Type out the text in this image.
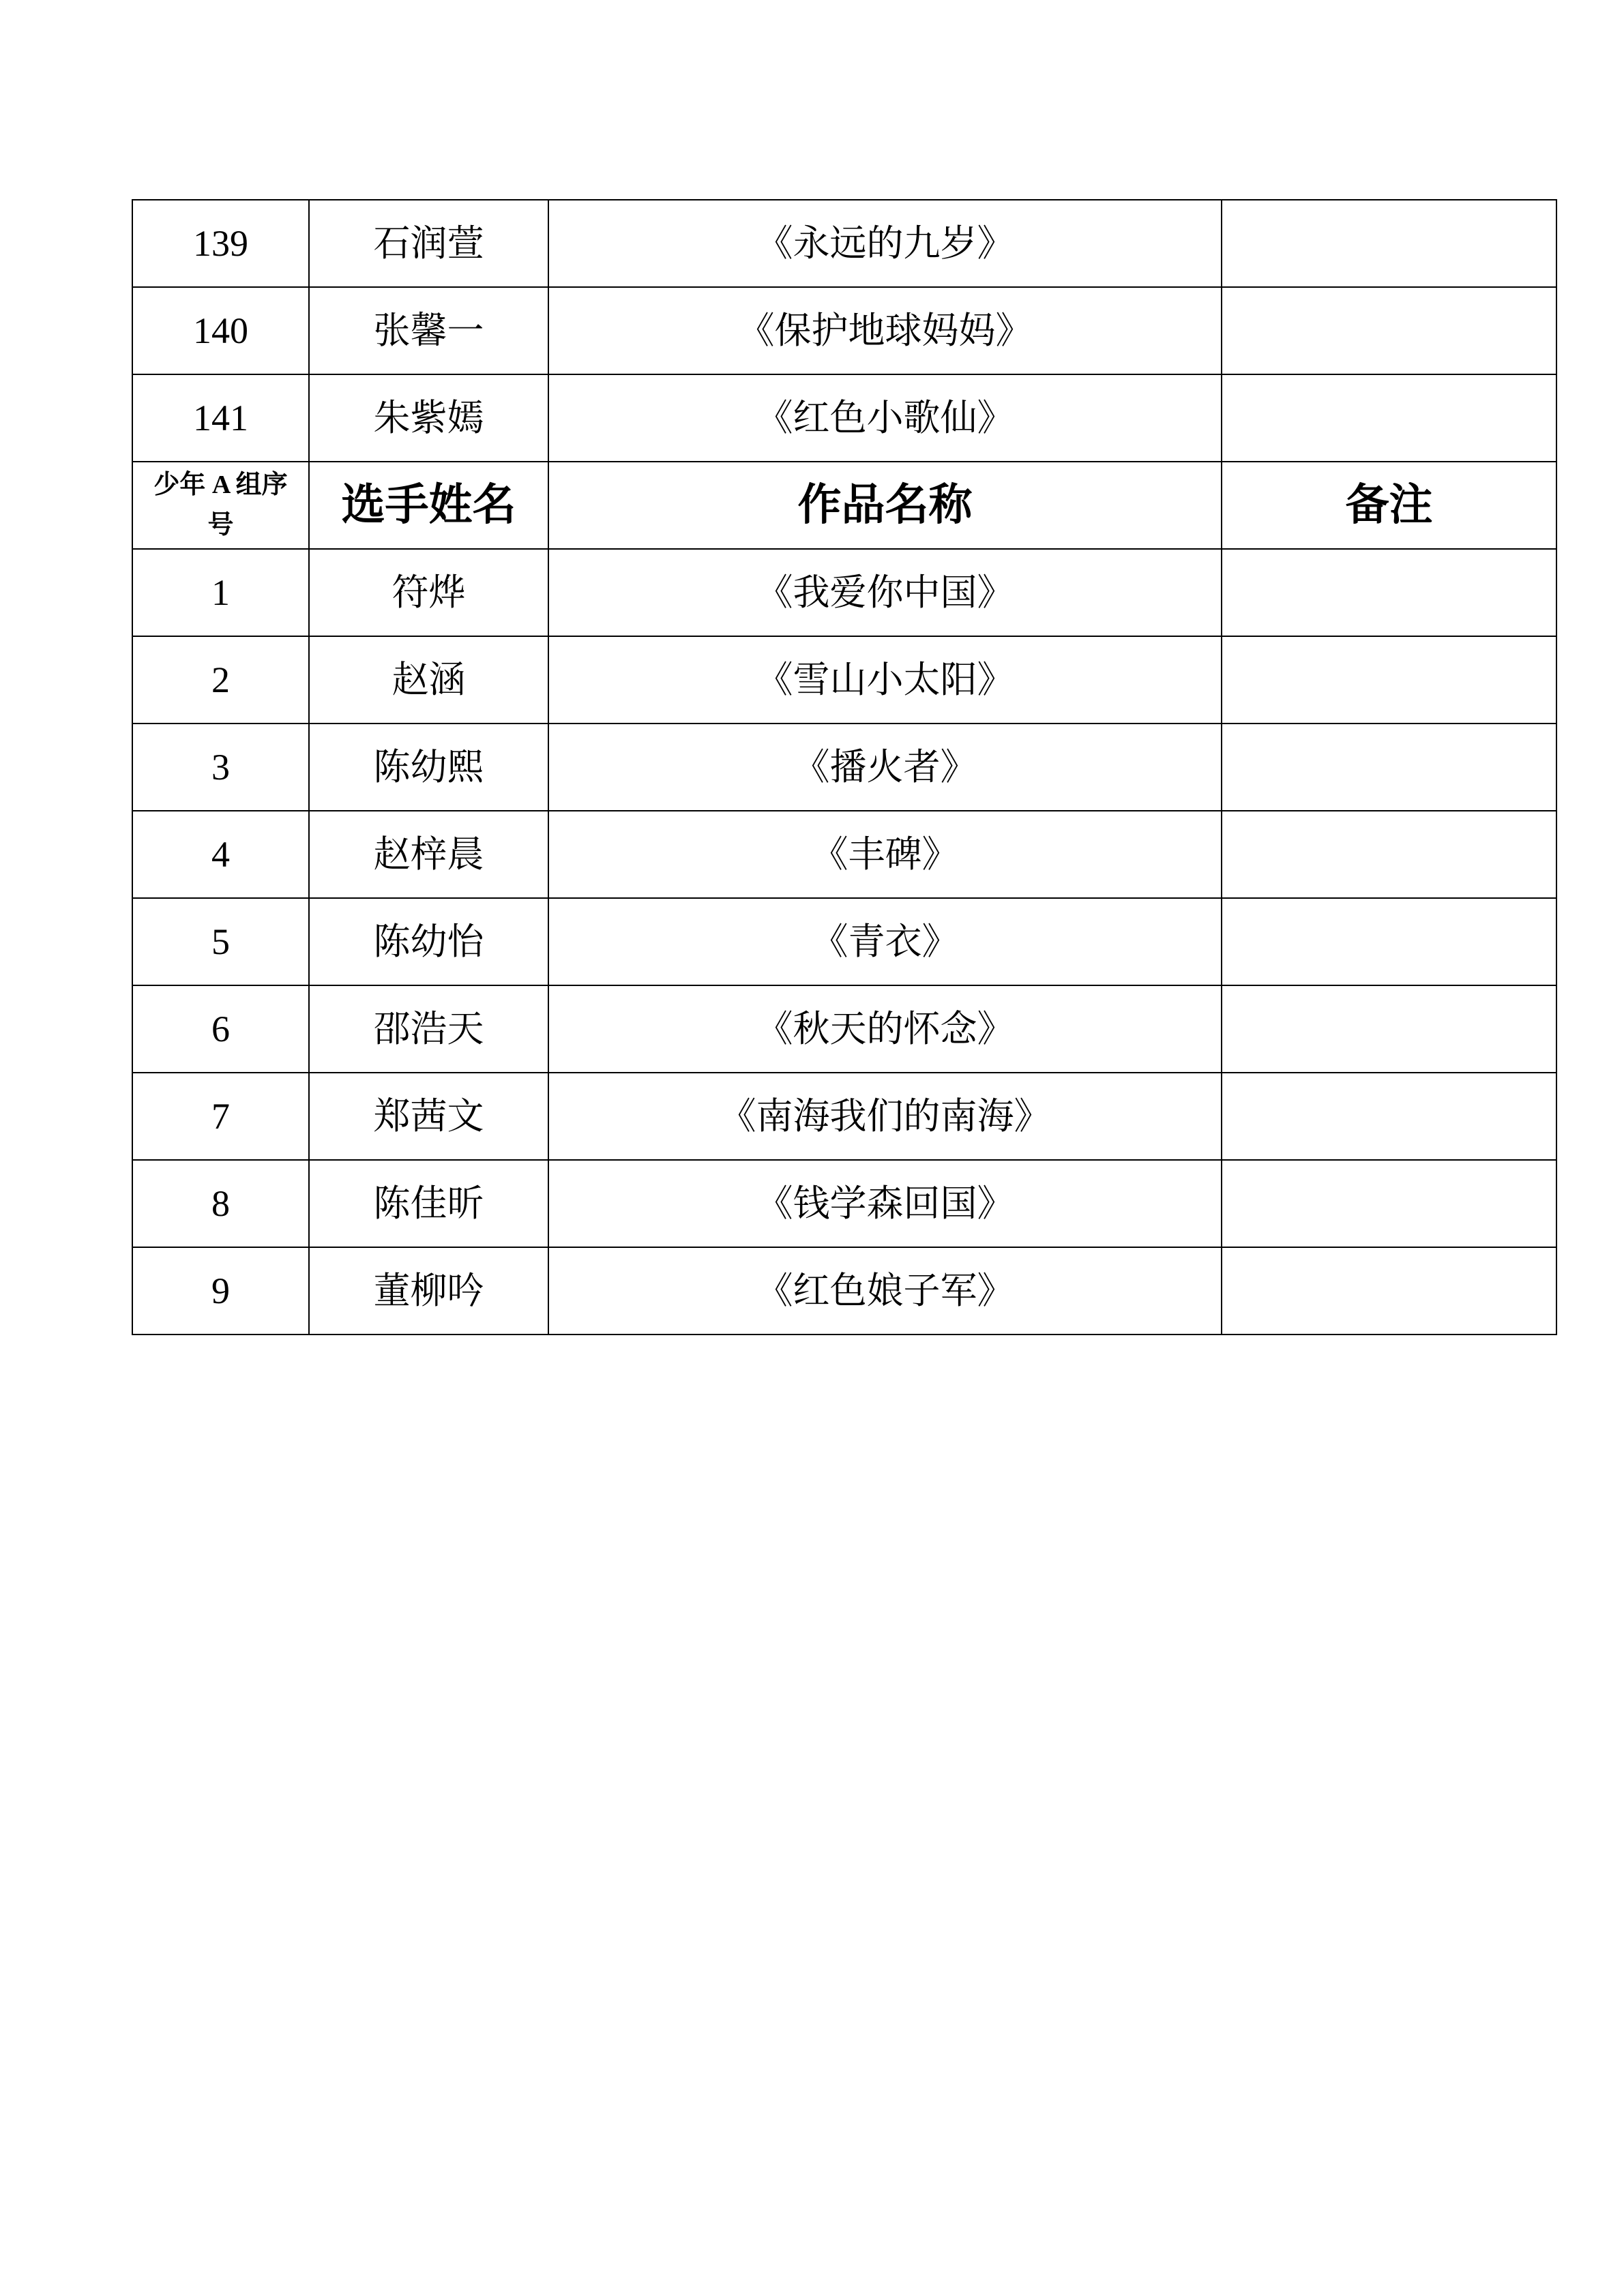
139	石润萱	《永远的九岁》	
140	张馨一	《保护地球妈妈》	
141	朱紫嫣	《红色小歌仙》	

少年 A 组序号	选手姓名	作品名称	备注
1	符烨	《我爱你中国》	
2	赵涵	《雪山小太阳》	
3	陈幼熙	《播火者》	
4	赵梓晨	《丰碑》	
5	陈幼怡	《青衣》	
6	邵浩天	《秋天的怀念》	
7	郑茜文	《南海我们的南海》	
8	陈佳昕	《钱学森回国》	
9	董柳吟	《红色娘子军》	
